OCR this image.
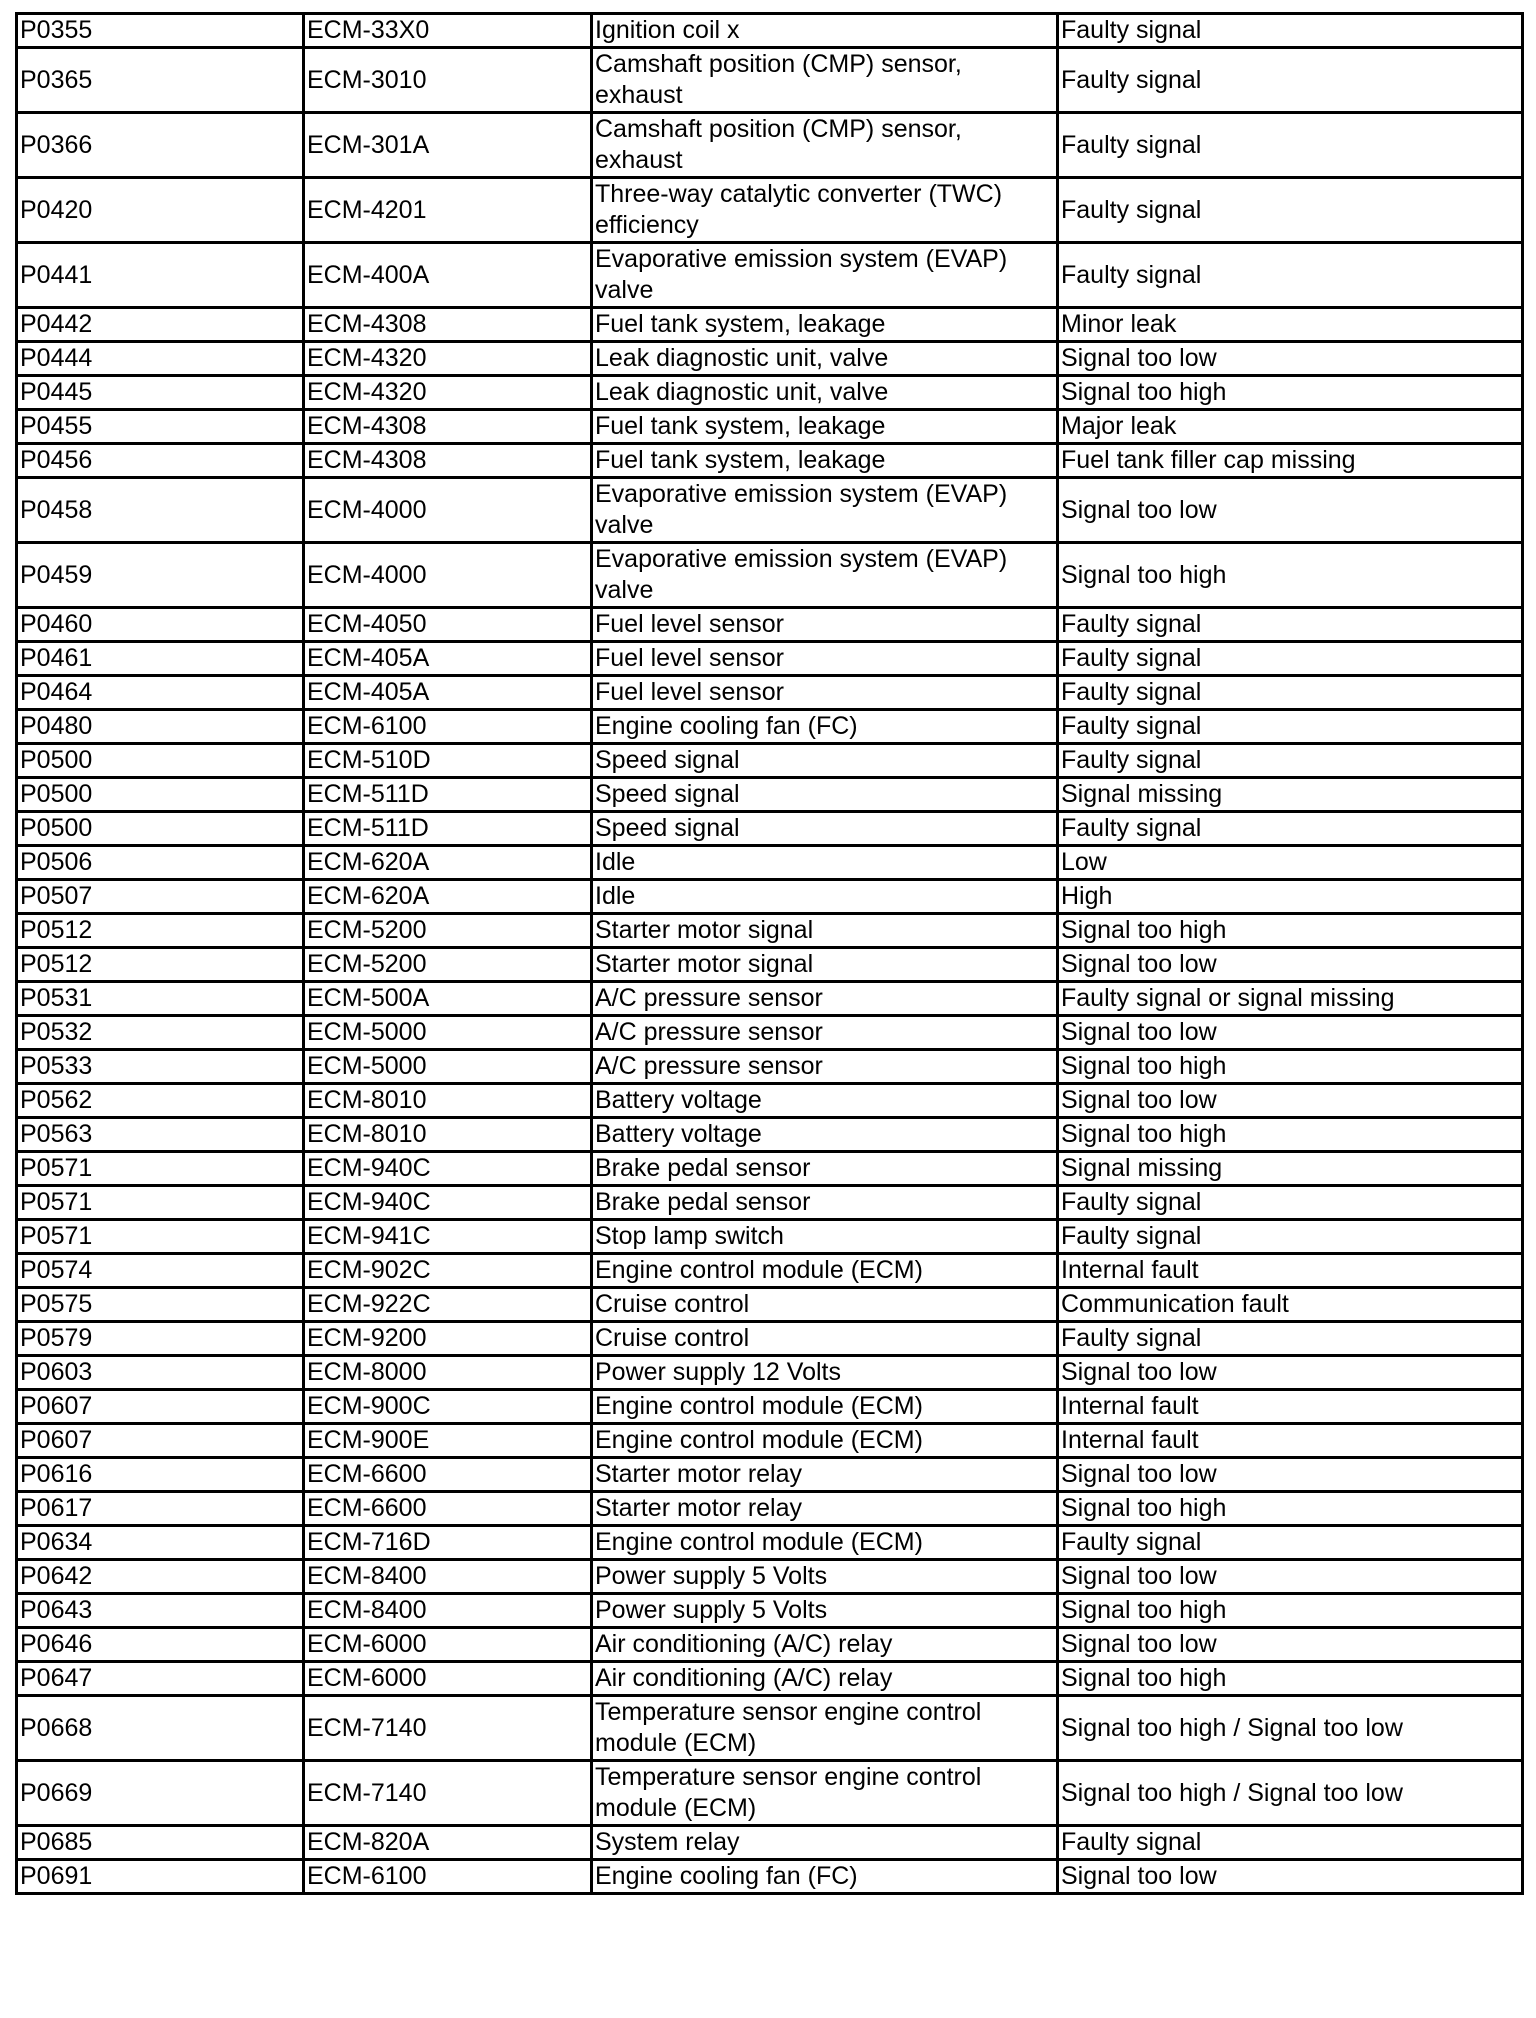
P0355	ECM-33X0	Ignition coil x	Faulty signal
P0365	ECM-3010	Camshaft position (CMP) sensor, exhaust	Faulty signal
P0366	ECM-301A	Camshaft position (CMP) sensor, exhaust	Faulty signal
P0420	ECM-4201	Three-way catalytic converter (TWC) efficiency	Faulty signal
P0441	ECM-400A	Evaporative emission system (EVAP) valve	Faulty signal
P0442	ECM-4308	Fuel tank system, leakage	Minor leak
P0444	ECM-4320	Leak diagnostic unit, valve	Signal too low
P0445	ECM-4320	Leak diagnostic unit, valve	Signal too high
P0455	ECM-4308	Fuel tank system, leakage	Major leak
P0456	ECM-4308	Fuel tank system, leakage	Fuel tank filler cap missing
P0458	ECM-4000	Evaporative emission system (EVAP) valve	Signal too low
P0459	ECM-4000	Evaporative emission system (EVAP) valve	Signal too high
P0460	ECM-4050	Fuel level sensor	Faulty signal
P0461	ECM-405A	Fuel level sensor	Faulty signal
P0464	ECM-405A	Fuel level sensor	Faulty signal
P0480	ECM-6100	Engine cooling fan (FC)	Faulty signal
P0500	ECM-510D	Speed signal	Faulty signal
P0500	ECM-511D	Speed signal	Signal missing
P0500	ECM-511D	Speed signal	Faulty signal
P0506	ECM-620A	Idle	Low
P0507	ECM-620A	Idle	High
P0512	ECM-5200	Starter motor signal	Signal too high
P0512	ECM-5200	Starter motor signal	Signal too low
P0531	ECM-500A	A/C pressure sensor	Faulty signal or signal missing
P0532	ECM-5000	A/C pressure sensor	Signal too low
P0533	ECM-5000	A/C pressure sensor	Signal too high
P0562	ECM-8010	Battery voltage	Signal too low
P0563	ECM-8010	Battery voltage	Signal too high
P0571	ECM-940C	Brake pedal sensor	Signal missing
P0571	ECM-940C	Brake pedal sensor	Faulty signal
P0571	ECM-941C	Stop lamp switch	Faulty signal
P0574	ECM-902C	Engine control module (ECM)	Internal fault
P0575	ECM-922C	Cruise control	Communication fault
P0579	ECM-9200	Cruise control	Faulty signal
P0603	ECM-8000	Power supply 12 Volts	Signal too low
P0607	ECM-900C	Engine control module (ECM)	Internal fault
P0607	ECM-900E	Engine control module (ECM)	Internal fault
P0616	ECM-6600	Starter motor relay	Signal too low
P0617	ECM-6600	Starter motor relay	Signal too high
P0634	ECM-716D	Engine control module (ECM)	Faulty signal
P0642	ECM-8400	Power supply 5 Volts	Signal too low
P0643	ECM-8400	Power supply 5 Volts	Signal too high
P0646	ECM-6000	Air conditioning (A/C) relay	Signal too low
P0647	ECM-6000	Air conditioning (A/C) relay	Signal too high
P0668	ECM-7140	Temperature sensor engine control module (ECM)	Signal too high / Signal too low
P0669	ECM-7140	Temperature sensor engine control module (ECM)	Signal too high / Signal too low
P0685	ECM-820A	System relay	Faulty signal
P0691	ECM-6100	Engine cooling fan (FC)	Signal too low
